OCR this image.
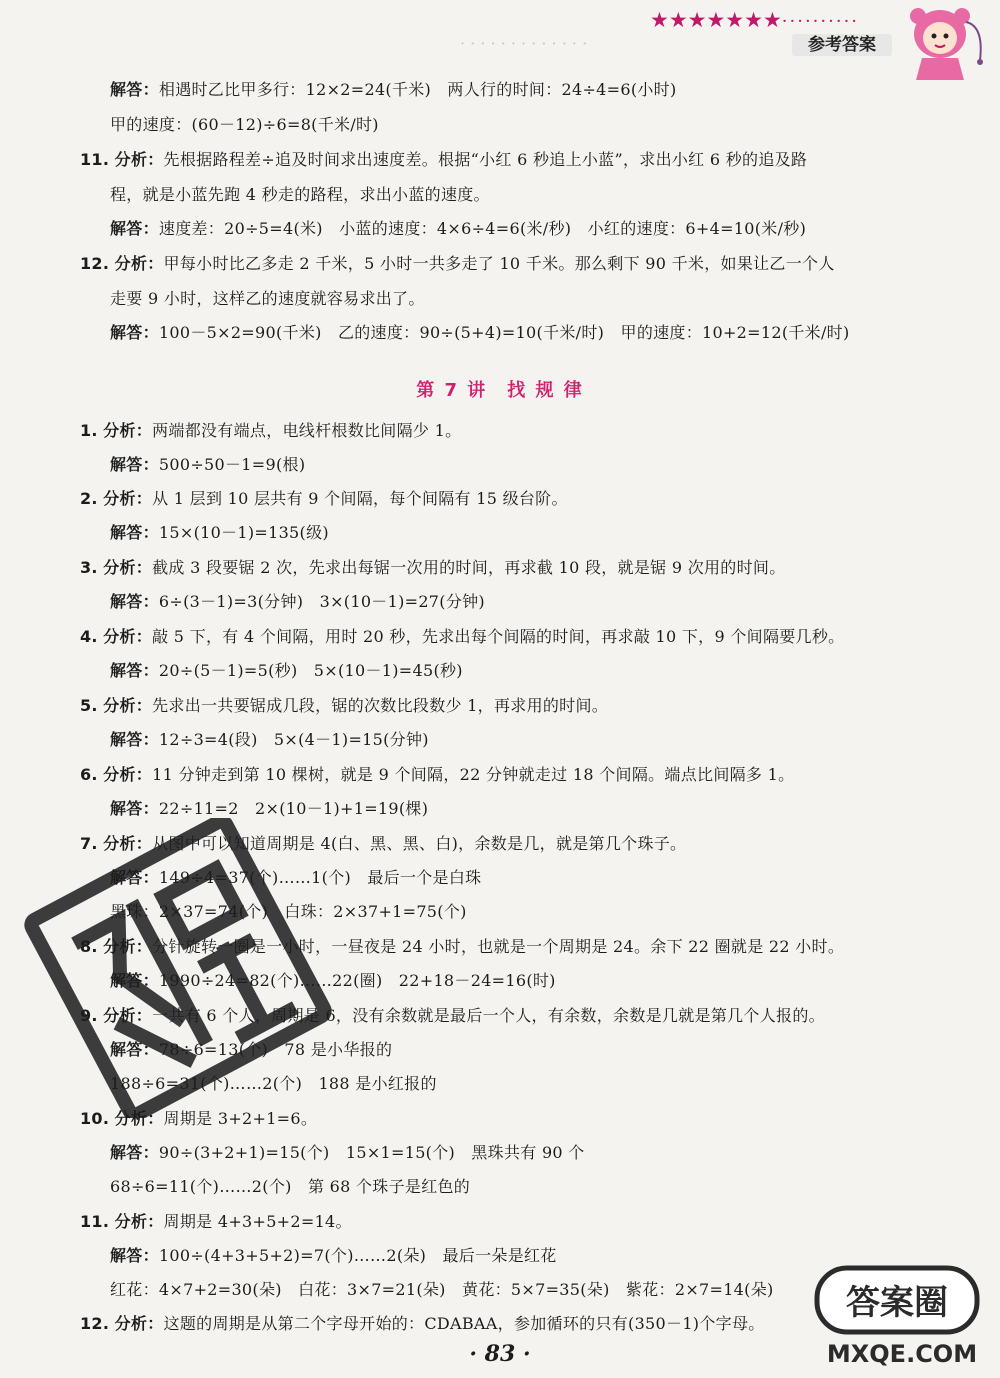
· · · · · · · · · · · · ·
★★★★★★★··········
参考答案
解答：相遇时乙比甲多行：12×2=24(千米)　两人行的时间：24÷4=6(小时)
甲的速度：(60－12)÷6=8(千米/时)
11. 分析：先根据路程差÷追及时间求出速度差。根据“小红 6 秒追上小蓝”，求出小红 6 秒的追及路
程，就是小蓝先跑 4 秒走的路程，求出小蓝的速度。
解答：速度差：20÷5=4(米)　小蓝的速度：4×6÷4=6(米/秒)　小红的速度：6+4=10(米/秒)
12. 分析：甲每小时比乙多走 2 千米，5 小时一共多走了 10 千米。那么剩下 90 千米，如果让乙一个人
走要 9 小时，这样乙的速度就容易求出了。
解答：100－5×2=90(千米)　乙的速度：90÷(5+4)=10(千米/时)　甲的速度：10+2=12(千米/时)
第 7 讲　找 规 律
1. 分析：两端都没有端点，电线杆根数比间隔少 1。
解答：500÷50－1=9(根)
2. 分析：从 1 层到 10 层共有 9 个间隔，每个间隔有 15 级台阶。
解答：15×(10－1)=135(级)
3. 分析：截成 3 段要锯 2 次，先求出每锯一次用的时间，再求截 10 段，就是锯 9 次用的时间。
解答：6÷(3－1)=3(分钟)　3×(10－1)=27(分钟)
4. 分析：敲 5 下，有 4 个间隔，用时 20 秒，先求出每个间隔的时间，再求敲 10 下，9 个间隔要几秒。
解答：20÷(5－1)=5(秒)　5×(10－1)=45(秒)
5. 分析：先求出一共要锯成几段，锯的次数比段数少 1，再求用的时间。
解答：12÷3=4(段)　5×(4－1)=15(分钟)
6. 分析：11 分钟走到第 10 棵树，就是 9 个间隔，22 分钟就走过 18 个间隔。端点比间隔多 1。
解答：22÷11=2　2×(10－1)+1=19(棵)
7. 分析：从图中可以知道周期是 4(白、黑、黑、白)，余数是几，就是第几个珠子。
解答：149÷4=37(个)……1(个)　最后一个是白珠
黑珠：2×37=74(个)　白珠：2×37+1=75(个)
8. 分析：分针旋转一圈是一小时，一昼夜是 24 小时，也就是一个周期是 24。余下 22 圈就是 22 小时。
解答：1990÷24=82(个)……22(圈)　22+18－24=16(时)
9. 分析：一共有 6 个人，周期是 6，没有余数就是最后一个人，有余数，余数是几就是第几个人报的。
解答：78÷6=13(个)　78 是小华报的
188÷6=31(个)……2(个)　188 是小红报的
10. 分析：周期是 3+2+1=6。
解答：90÷(3+2+1)=15(个)　15×1=15(个)　黑珠共有 90 个
68÷6=11(个)……2(个)　第 68 个珠子是红色的
11. 分析：周期是 4+3+5+2=14。
解答：100÷(4+3+5+2)=7(个)……2(朵)　最后一朵是红花
红花：4×7+2=30(朵)　白花：3×7=21(朵)　黄花：5×7=35(朵)　紫花：2×7=14(朵)
12. 分析：这题的周期是从第二个字母开始的：CDABAA，参加循环的只有(350－1)个字母。
· 83 ·
答案圈
MXQE.COM
